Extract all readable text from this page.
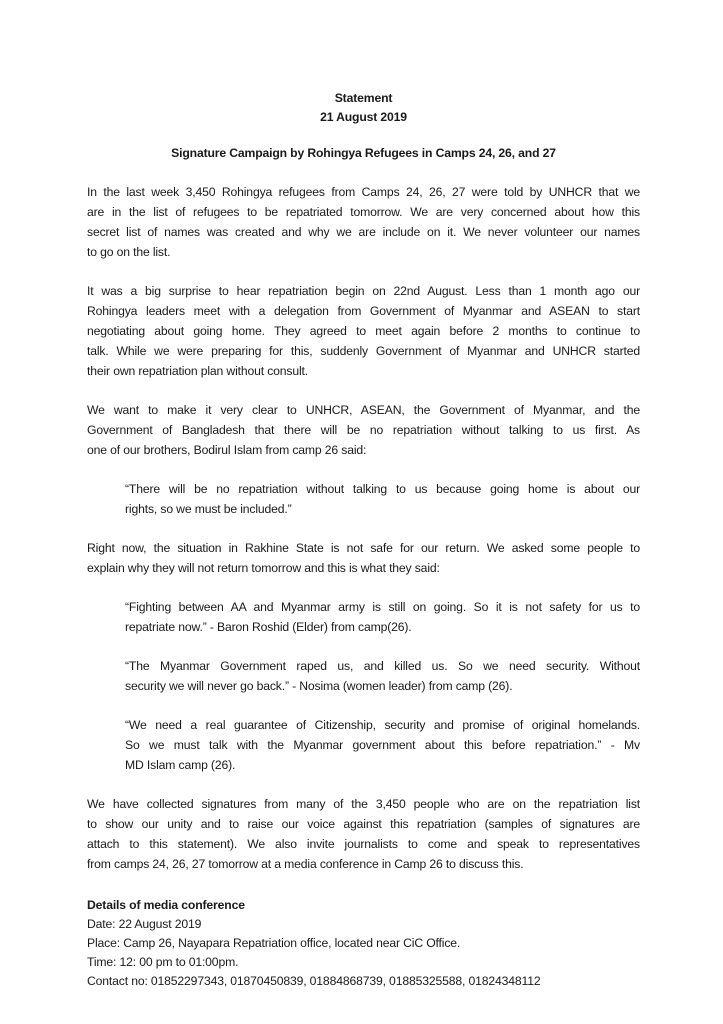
Statement
21 August 2019
Signature Campaign by Rohingya Refugees in Camps 24, 26, and 27
In the last week 3,450 Rohingya refugees from Camps 24, 26, 27 were told by UNHCR that we
are in the list of refugees to be repatriated tomorrow. We are very concerned about how this
secret list of names was created and why we are include on it. We never volunteer our names
to go on the list.
It was a big surprise to hear repatriation begin on 22nd August. Less than 1 month ago our
Rohingya leaders meet with a delegation from Government of Myanmar and ASEAN to start
negotiating about going home. They agreed to meet again before 2 months to continue to
talk. While we were preparing for this, suddenly Government of Myanmar and UNHCR started
their own repatriation plan without consult.
We want to make it very clear to UNHCR, ASEAN, the Government of Myanmar, and the
Government of Bangladesh that there will be no repatriation without talking to us first. As
one of our brothers, Bodirul Islam from camp 26 said:
“There will be no repatriation without talking to us because going home is about our
rights, so we must be included.”
Right now, the situation in Rakhine State is not safe for our return. We asked some people to
explain why they will not return tomorrow and this is what they said:
“Fighting between AA and Myanmar army is still on going. So it is not safety for us to
repatriate now.” - Baron Roshid (Elder) from camp(26).
“The Myanmar Government raped us, and killed us. So we need security. Without
security we will never go back.” - Nosima (women leader) from camp (26).
“We need a real guarantee of Citizenship, security and promise of original homelands.
So we must talk with the Myanmar government about this before repatriation.” - Mv
MD Islam camp (26).
We have collected signatures from many of the 3,450 people who are on the repatriation list
to show our unity and to raise our voice against this repatriation (samples of signatures are
attach to this statement). We also invite journalists to come and speak to representatives
from camps 24, 26, 27 tomorrow at a media conference in Camp 26 to discuss this.
Details of media conference
Date: 22 August 2019
Place: Camp 26, Nayapara Repatriation office, located near CiC Office.
Time: 12: 00 pm to 01:00pm.
Contact no: 01852297343, 01870450839, 01884868739, 01885325588, 01824348112
